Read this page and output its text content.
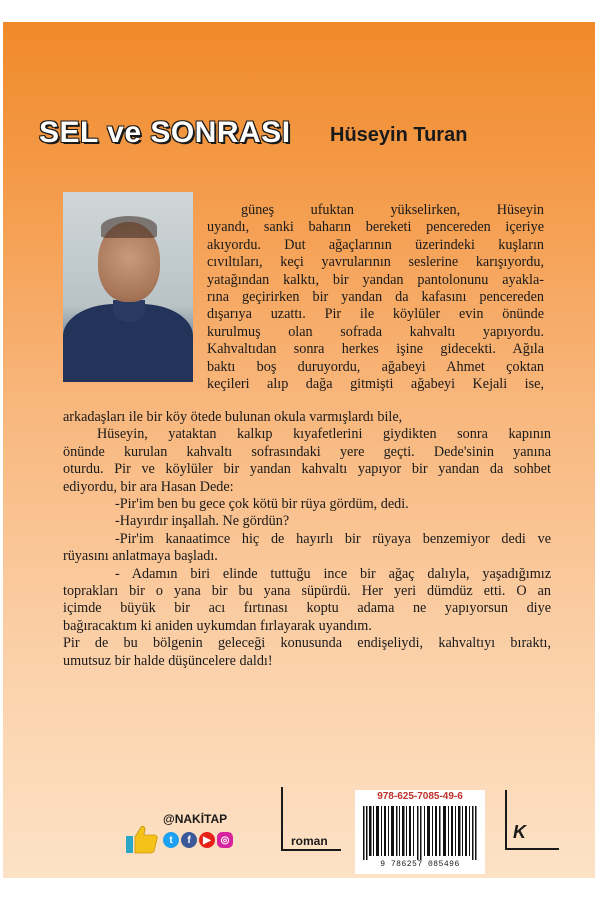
SEL ve SONRASI Hüseyin Turan

güneş ufuktan yükselirken, Hüseyin

uyandı, sanki baharın bereketi pencereden içeriye

akıyordu. Dut ağaçlarının üzerindeki kuşların

cıvıltıları, keçi yavrularının seslerine karışıyordu,

yatağından kalktı, bir yandan pantolonunu ayakla-

rına geçirirken bir yandan da kafasını pencereden

dışarıya uzattı. Pir ile köylüler evin önünde

kurulmuş olan sofrada kahvaltı yapıyordu.

Kahvaltıdan sonra herkes işine gidecekti. Ağıla

baktı boş duruyordu, ağabeyi Ahmet çoktan

keçileri alıp dağa gitmişti ağabeyi Kejali ise,

arkadaşları ile bir köy ötede bulunan okula varmışlardı bile,

Hüseyin, yataktan kalkıp kıyafetlerini giydikten sonra kapının

önünde kurulan kahvaltı sofrasındaki yere geçti. Dede'sinin yanına

oturdu. Pir ve köylüler bir yandan kahvaltı yapıyor bir yandan da sohbet

ediyordu, bir ara Hasan Dede:

-Pir'im ben bu gece çok kötü bir rüya gördüm, dedi.

-Hayırdır inşallah. Ne gördün?

-Pir'im kanaatimce hiç de hayırlı bir rüyaya benzemiyor dedi ve

rüyasını anlatmaya başladı.

- Adamın biri elinde tuttuğu ince bir ağaç dalıyla, yaşadığımız

toprakları bir o yana bir bu yana süpürdü. Her yeri dümdüz etti. O an

içimde büyük bir acı fırtınası koptu adama ne yapıyorsun diye

bağıracaktım ki aniden uykumdan fırlayarak uyandım.

Pir de bu bölgenin geleceği konusunda endişeliydi, kahvaltıyı bıraktı,

umutsuz bir halde düşüncelere daldı!

@NAKİTAP
t	f	▶ ◎	roman
978-625-7085-49-6
9 786257 085496
K
